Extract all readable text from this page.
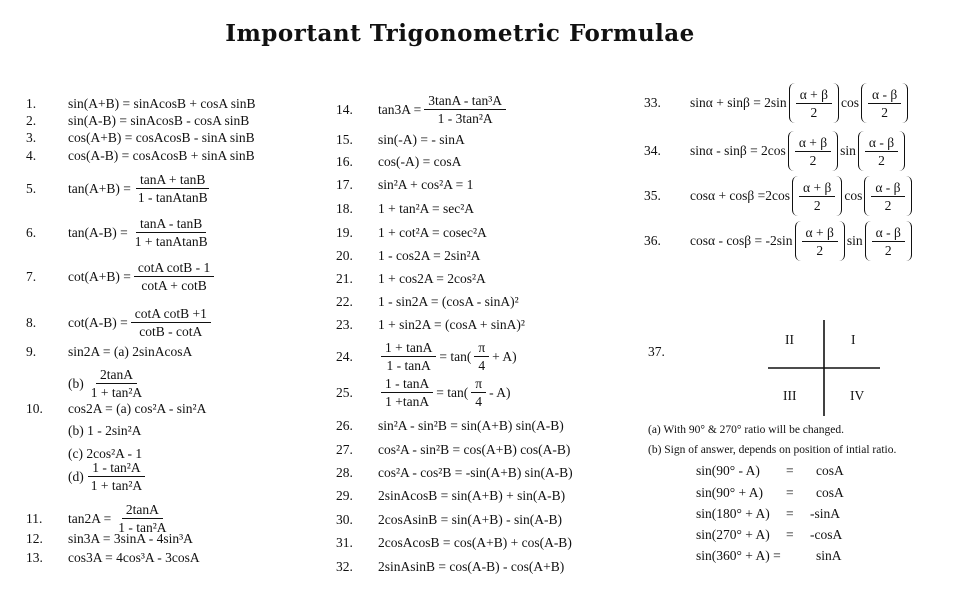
Important Trigonometric Formulae
1.	sin(A+B) = sinAcosB + cosA sinB
2.	sin(A-B) = sinAcosB - cosA sinB
3.	cos(A+B) = cosAcosB - sinA sinB
4.	cos(A-B) = cosAcosB + sinA sinB
5.	$\tan(A+B) = \frac{\tan A + \tan B}{\text{1 - tanAtanB}}$
6.	$\tan(A-B) = \frac{\tan A - \tan B}{\text{1 + tanAtanB}}$
7.	$\cot(A+B) = \frac{\text{cotA cotB - 1}}{\cot A + \cot B}$
8.	$\cot(A-B) = \frac{\text{cotA cotB +1}}{\cot B - \cot A}$
9.	sin2A = (a) 2sinAcosA
$(b) \frac{2\tan A}{\text{1 + tan²A}}$
10.	cos2A = (a) cos²A - sin²A
(b) 1 - 2sin²A
(c) 2cos²A - 1
$(d) \frac{\text{1 - tan²A}}{\text{1 + tan²A}}$
11.	$\tan 2A = \frac{2\tan A}{\text{1 - tan²A}}$
12.	sin3A = 3sinA - 4sin³A
13.	cos3A = 4cos³A - 3cosA
14.	$\tan 3A = \frac{\text{3tanA - tan³A}}{\text{1 - 3tan²A}}$
15.	sin(-A) = - sinA
16.	cos(-A) = cosA
17.	sin²A + cos²A = 1
18.	1 + tan²A = sec²A
19.	1 + cot²A = cosec²A
20.	1 - cos2A = 2sin²A
21.	1 + cos2A = 2cos²A
22.	1 - sin2A = (cosA - sinA)²
23.	1 + sin2A = (cosA + sinA)²
24.	$\frac{1 + \tan A}{1 - \tan A} = \tan( \frac{\pi}{4} + A)$
25.	$\frac{1 - \tan A}{1 +\tan A} = \tan( \frac{\pi}{4} - A)$
26.	sin²A - sin²B = sin(A+B) sin(A-B)
27.	cos²A - sin²B = cos(A+B) cos(A-B)
28.	cos²A - cos²B = -sin(A+B) sin(A-B)
29.	2sinAcosB = sin(A+B) + sin(A-B)
30.	2cosAsinB = sin(A+B) - sin(A-B)
31.	2cosAcosB = cos(A+B) + cos(A-B)
32.	2sinAsinB = cos(A-B) - cos(A+B)
33.	$\sin\alpha + \sin\beta = 2\sin \frac{\alpha + \beta}{2}$ $\cos \frac{\alpha - \beta}{2}$
34.	$\sin\alpha - \sin\beta = 2\cos \frac{\alpha + \beta}{2}$ $\sin \frac{\alpha - \beta}{2}$
35.	$\cos\alpha + \cos\beta =2\cos \frac{\alpha + \beta}{2}$ $\cos \frac{\alpha - \beta}{2}$
36.	$\cos\alpha - \cos\beta = -2\sin \frac{\alpha + \beta}{2}$ $\sin \frac{\alpha - \beta}{2}$
37.
II	I
III	IV
(a) With 90° & 270° ratio will be changed.
(b) Sign of answer, depends on position of intial ratio.
sin(90° - A) = cosA
sin(90° + A) = cosA
sin(180° + A) = -sinA
sin(270° + A) = -cosA
sin(360° + A) =	sinA
